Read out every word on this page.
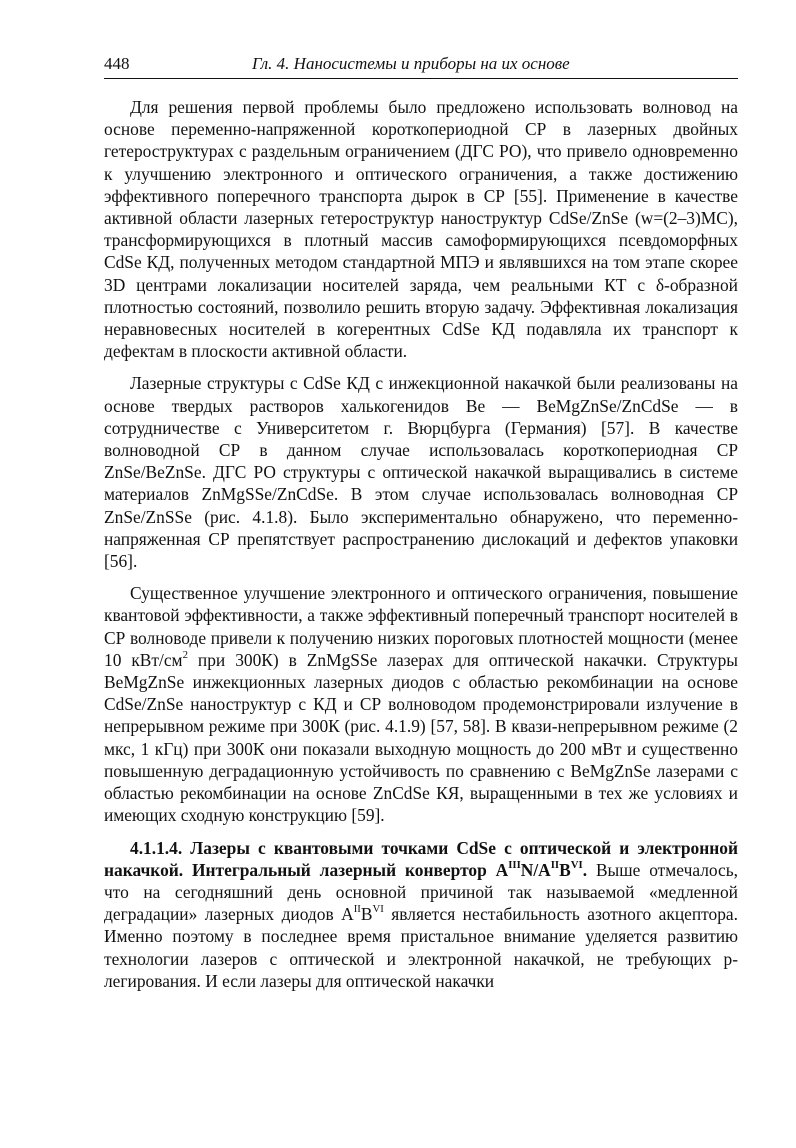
448	Гл. 4. Наносистемы и приборы на их основе

Для решения первой проблемы было предложено использовать волновод на основе переменно-напряженной короткопериодной СР в лазерных двойных гетероструктурах с раздельным ограничением (ДГС РО), что привело одновременно к улучшению электронного и оптического ограничения, а также достижению эффективного поперечного транспорта дырок в СР [55]. Применение в качестве активной области лазерных гетероструктур наноструктур CdSe/ZnSe (w=(2–3)МС), трансформирующихся в плотный массив самоформирующихся псевдоморфных CdSe КД, полученных методом стандартной МПЭ и являвшихся на том этапе скорее 3D центрами локализации носителей заряда, чем реальными КТ с δ-образной плотностью состояний, позволило решить вторую задачу. Эффективная локализация неравновесных носителей в когерентных CdSe КД подавляла их транспорт к дефектам в плоскости активной области.

Лазерные структуры с CdSe КД с инжекционной накачкой были реализованы на основе твердых растворов халькогенидов Be — BeMgZnSe/ZnCdSe — в сотрудничестве с Университетом г. Вюрцбурга (Германия) [57]. В качестве волноводной СР в данном случае использовалась короткопериодная СР ZnSe/BeZnSe. ДГС РО структуры с оптической накачкой выращивались в системе материалов ZnMgSSe/ZnCdSe. В этом случае использовалась волноводная СР ZnSe/ZnSSe (рис. 4.1.8). Было экспериментально обнаружено, что переменно-напряженная СР препятствует распространению дислокаций и дефектов упаковки [56].

Существенное улучшение электронного и оптического ограничения, повышение квантовой эффективности, а также эффективный поперечный транспорт носителей в СР волноводе привели к получению низких пороговых плотностей мощности (менее 10 кВт/$см^2$ при 300К) в ZnMgSSe лазерах для оптической накачки. Структуры BeMgZnSe инжекционных лазерных диодов с областью рекомбинации на основе CdSe/ZnSe наноструктур с КД и СР волноводом продемонстрировали излучение в непрерывном режиме при 300К (рис. 4.1.9) [57, 58]. В квази-непрерывном режиме (2 мкс, 1 кГц) при 300К они показали выходную мощность до 200 мВт и существенно повышенную деградационную устойчивость по сравнению с BeMgZnSe лазерами с областью рекомбинации на основе ZnCdSe КЯ, выращенными в тех же условиях и имеющих сходную конструкцию [59].

4.1.1.4. Лазеры с квантовыми точками CdSe с оптической и электронной накачкой. Интегральный лазерный конвертор $A^{III}N/A^{II}B^{VI}$. Выше отмечалось, что на сегодняшний день основной причиной так называемой «медленной деградации» лазерных диодов $A^{II}B^{VI}$ является нестабильность азотного акцептора. Именно поэтому в последнее время пристальное внимание уделяется развитию технологии лазеров с оптической и электронной накачкой, не требующих p-легирования. И если лазеры для оптической накачки
